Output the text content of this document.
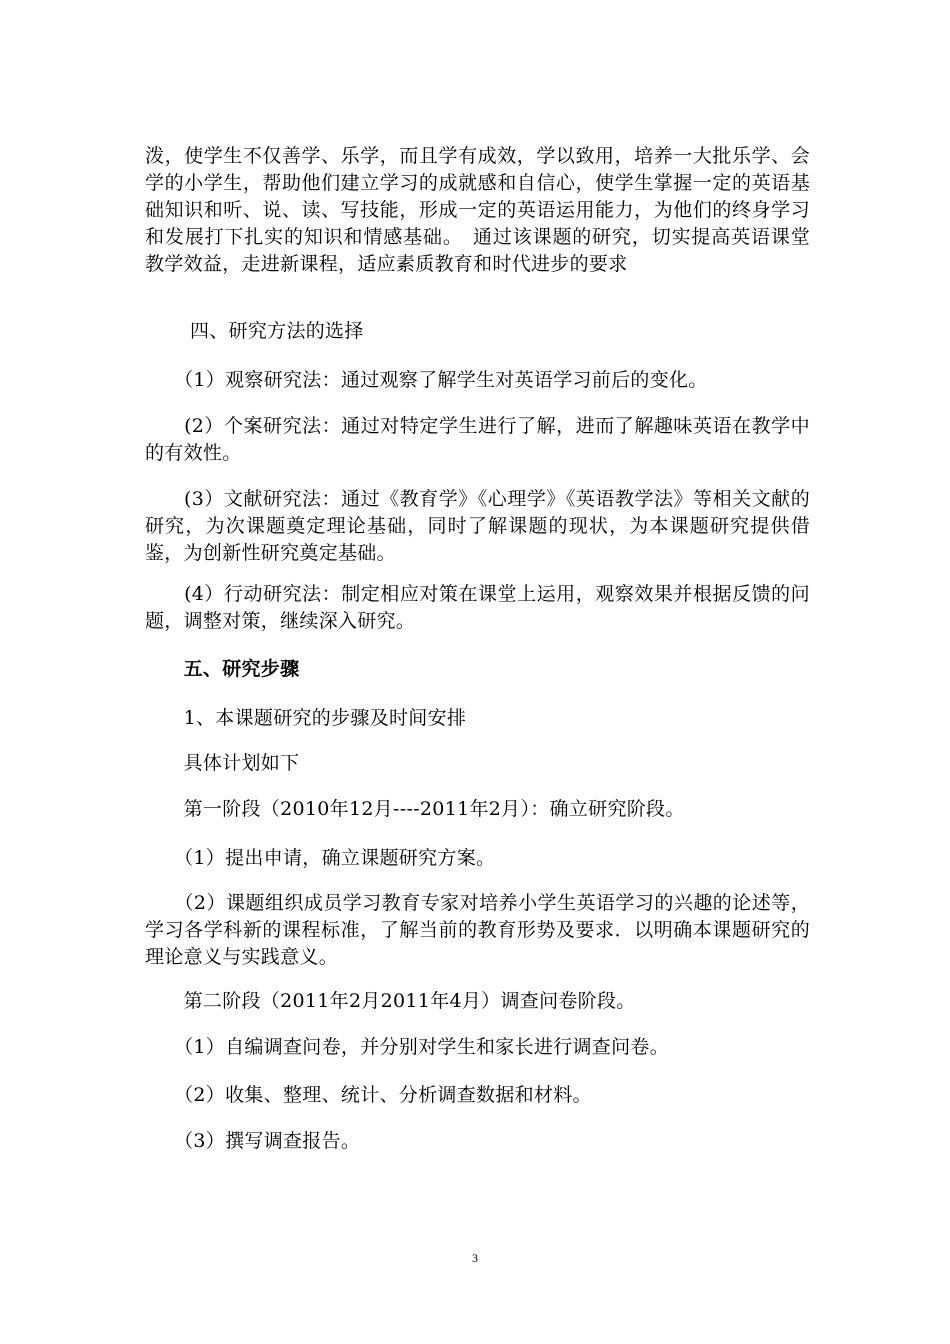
泼，使学生不仅善学、乐学，而且学有成效，学以致用，培养一大批乐学、会学的小学生，帮助他们建立学习的成就感和自信心，使学生掌握一定的英语基础知识和听、说、读、写技能，形成一定的英语运用能力，为他们的终身学习和发展打下扎实的知识和情感基础。　通过该课题的研究，切实提高英语课堂教学效益，走进新课程，适应素质教育和时代进步的要求

　　 四、研究方法的选择

　　（1）观察研究法：通过观察了解学生对英语学习前后的变化。

　　(2）个案研究法：通过对特定学生进行了解，进而了解趣味英语在教学中的有效性。

　　(3）文献研究法：通过《教育学》《心理学》《英语教学法》等相关文献的研究，为次课题奠定理论基础，同时了解课题的现状，为本课题研究提供借鉴，为创新性研究奠定基础。

　　(4）行动研究法：制定相应对策在课堂上运用，观察效果并根据反馈的问题，调整对策，继续深入研究。

　　五、研究步骤

　　1、本课题研究的步骤及时间安排

　　具体计划如下

　　第一阶段（2010年12月----2011年2月）：确立研究阶段。

　　（1）提出申请，确立课题研究方案。

　　（2）课题组织成员学习教育专家对培养小学生英语学习的兴趣的论述等，学习各学科新的课程标准，了解当前的教育形势及要求．以明确本课题研究的理论意义与实践意义。

　　第二阶段（2011年2月2011年4月）调查问卷阶段。

　　（1）自编调查问卷，并分别对学生和家长进行调查问卷。

　　（2）收集、整理、统计、分析调查数据和材料。

　　（3）撰写调查报告。

3
